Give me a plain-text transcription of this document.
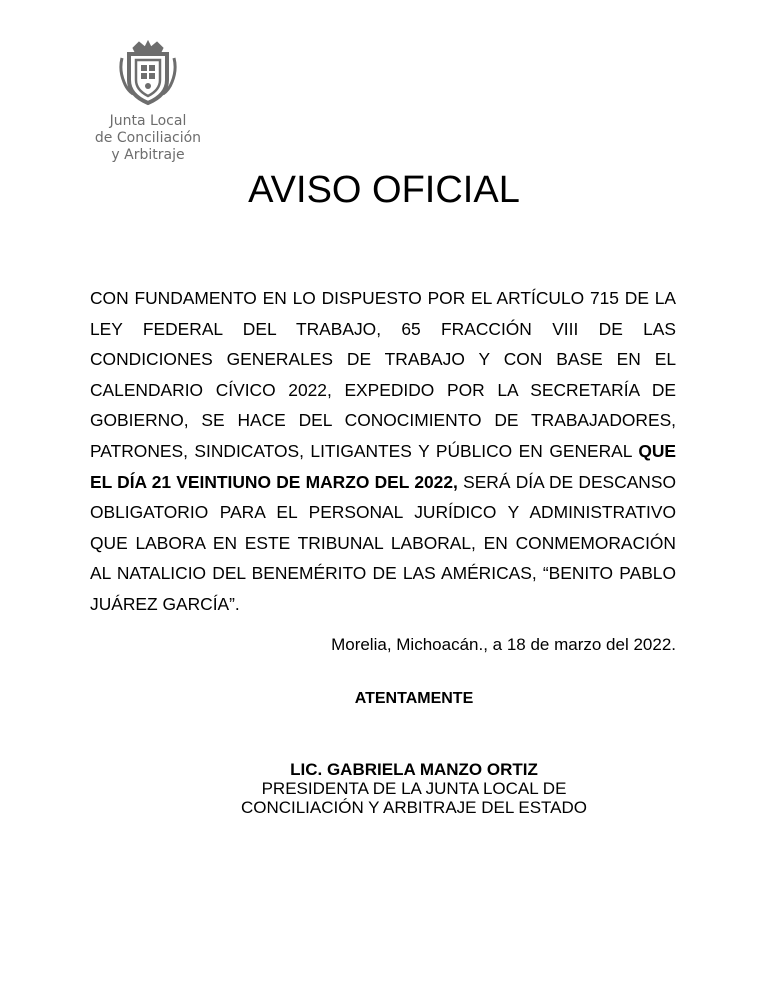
Junta Local
de Conciliación
y Arbitraje
AVISO OFICIAL

CON FUNDAMENTO EN LO DISPUESTO POR EL ARTÍCULO 715 DE LA LEY FEDERAL DEL TRABAJO, 65 FRACCIÓN VIII DE LAS CONDICIONES GENERALES DE TRABAJO Y CON BASE EN EL CALENDARIO CÍVICO 2022, EXPEDIDO POR LA SECRETARÍA DE GOBIERNO, SE HACE DEL CONOCIMIENTO DE TRABAJADORES, PATRONES, SINDICATOS, LITIGANTES Y PÚBLICO EN GENERAL QUE EL DÍA 21 VEINTIUNO DE MARZO DEL 2022, SERÁ DÍA DE DESCANSO OBLIGATORIO PARA EL PERSONAL JURÍDICO Y ADMINISTRATIVO QUE LABORA EN ESTE TRIBUNAL LABORAL, EN CONMEMORACIÓN AL NATALICIO DEL BENEMÉRITO DE LAS AMÉRICAS, “BENITO PABLO JUÁREZ GARCÍA”.

Morelia, Michoacán., a 18 de marzo del 2022.
ATENTAMENTE
LIC. GABRIELA MANZO ORTIZ
PRESIDENTA DE LA JUNTA LOCAL DE
CONCILIACIÓN Y ARBITRAJE DEL ESTADO
